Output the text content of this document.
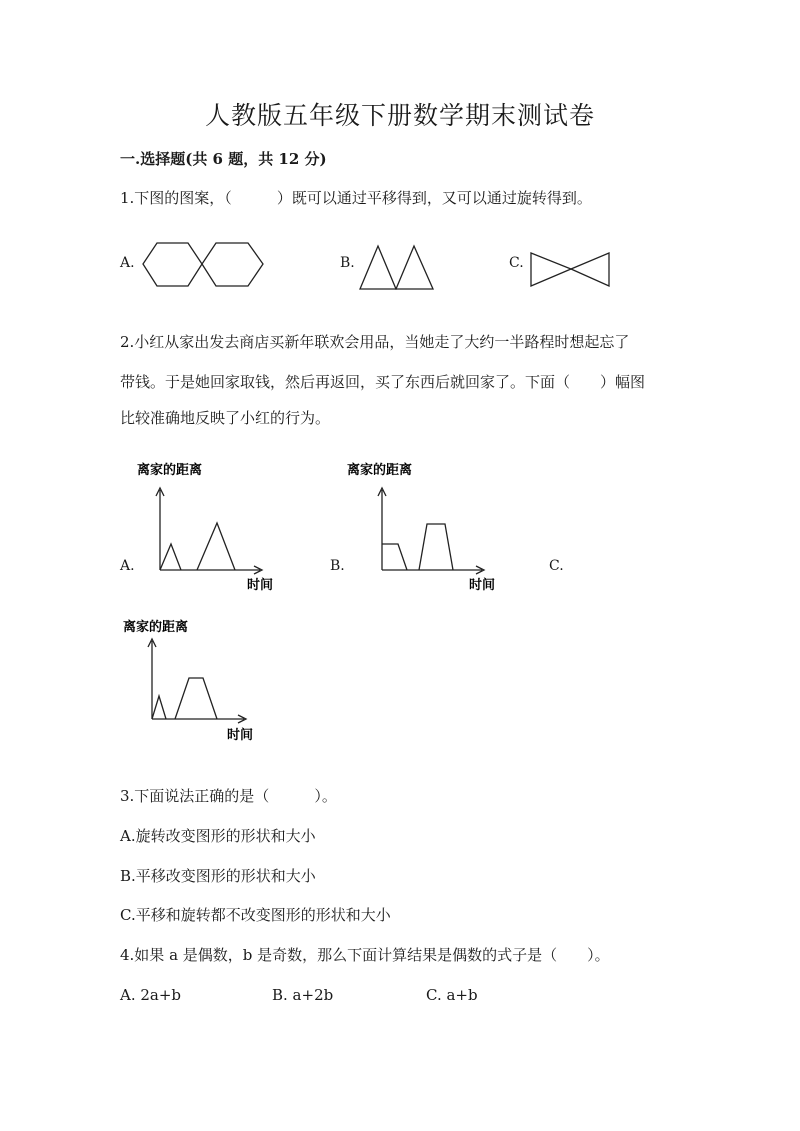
人教版五年级下册数学期末测试卷
一.选择题(共 6 题，共 12 分)
1.下图的图案，（　　　）既可以通过平移得到，又可以通过旋转得到。
A.	B.	C.
2.小红从家出发去商店买新年联欢会用品，当她走了大约一半路程时想起忘了
带钱。于是她回家取钱，然后再返回，买了东西后就回家了。下面（　　）幅图
比较准确地反映了小红的行为。
A.
离家的距离
时间
B.
离家的距离
时间
C.
离家的距离
时间
3.下面说法正确的是（　　　）。
A.旋转改变图形的形状和大小
B.平移改变图形的形状和大小
C.平移和旋转都不改变图形的形状和大小
4.如果 a 是偶数，b 是奇数，那么下面计算结果是偶数的式子是（　　）。
A. 2a+b	B. a+2b	C. a+b
